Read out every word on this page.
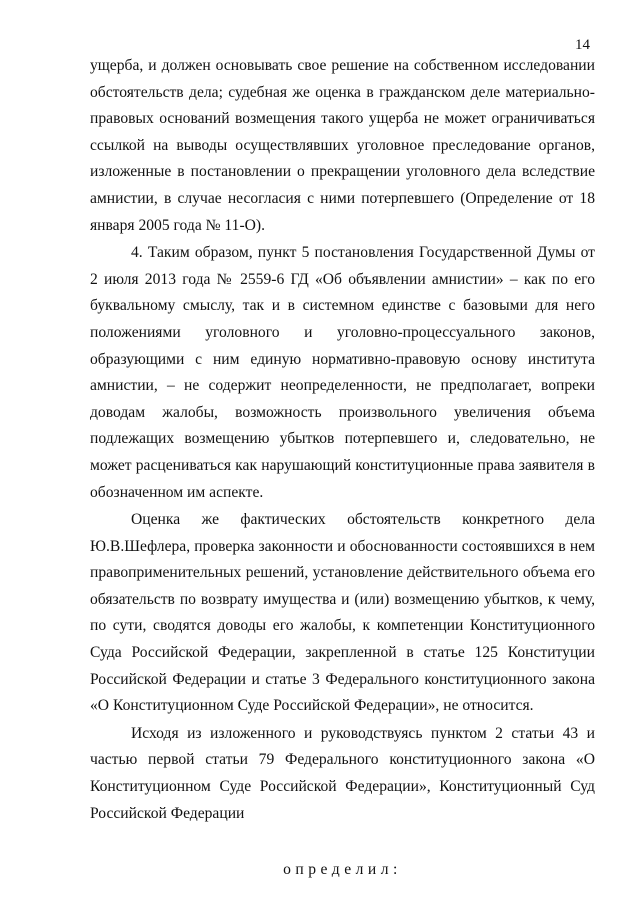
14

ущерба, и должен основывать свое решение на собственном исследовании обстоятельств дела; судебная же оценка в гражданском деле материально-правовых оснований возмещения такого ущерба не может ограничиваться ссылкой на выводы осуществлявших уголовное преследование органов, изложенные в постановлении о прекращении уголовного дела вследствие амнистии, в случае несогласия с ними потерпевшего (Определение от 18 января 2005 года № 11-О).

4. Таким образом, пункт 5 постановления Государственной Думы от 2 июля 2013 года № 2559-6 ГД «Об объявлении амнистии» – как по его буквальному смыслу, так и в системном единстве с базовыми для него положениями уголовного и уголовно-процессуального законов, образующими с ним единую нормативно-правовую основу института амнистии, – не содержит неопределенности, не предполагает, вопреки доводам жалобы, возможность произвольного увеличения объема подлежащих возмещению убытков потерпевшего и, следовательно, не может расцениваться как нарушающий конституционные права заявителя в обозначенном им аспекте.

Оценка же фактических обстоятельств конкретного дела Ю.В.Шефлера, проверка законности и обоснованности состоявшихся в нем правоприменительных решений, установление действительного объема его обязательств по возврату имущества и (или) возмещению убытков, к чему, по сути, сводятся доводы его жалобы, к компетенции Конституционного Суда Российской Федерации, закрепленной в статье 125 Конституции Российской Федерации и статье 3 Федерального конституционного закона «О Конституционном Суде Российской Федерации», не относится.

Исходя из изложенного и руководствуясь пунктом 2 статьи 43 и частью первой статьи 79 Федерального конституционного закона «О Конституционном Суде Российской Федерации», Конституционный Суд Российской Федерации

определил:
